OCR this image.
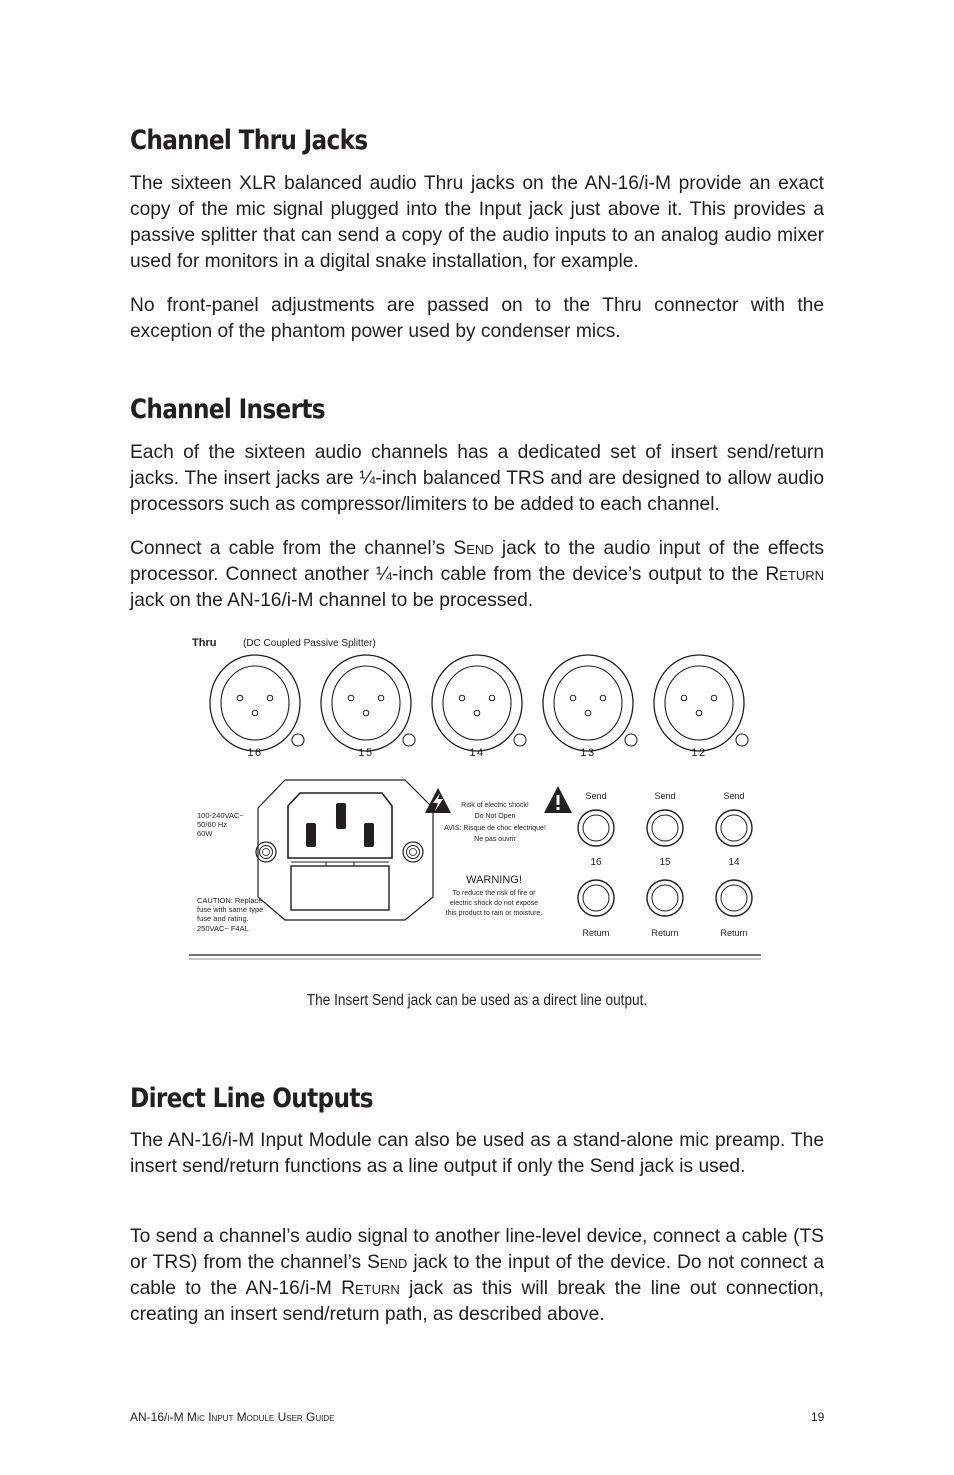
Channel Thru Jacks

The sixteen XLR balanced audio Thru jacks on the AN-16/i-M provide an exact copy of the mic signal plugged into the Input jack just above it. This provides a passive splitter that can send a copy of the audio inputs to an analog audio mixer used for monitors in a digital snake installation, for example.

No front-panel adjustments are passed on to the Thru connector with the exception of the phantom power used by condenser mics.

Channel Inserts

Each of the sixteen audio channels has a dedicated set of insert send/return jacks. The insert jacks are ¼-inch balanced TRS and are designed to allow audio processors such as compressor/limiters to be added to each channel.

Connect a cable from the channel’s Send jack to the audio input of the effects processor. Connect another ¼-inch cable from the device’s output to the Return jack on the AN-16/i-M channel to be processed.

Thru	(DC Coupled Passive Splitter)
16	15	14	13	12
100-240VAC~
50/60 Hz
60W
CAUTION: Replace
fuse with same type
fuse and rating.
250VAC~ F4AL
Risk of electric shock!
Do Not Open
AVIS: Risque de choc electrique!
Ne pas ouvrir
WARNING!
To reduce the risk of fire or
electric shock do not expose
this product to rain or moisture.
Send
16
Return
Send
15
Return
Send
14
Return

The Insert Send jack can be used as a direct line output.

Direct Line Outputs

The AN-16/i-M Input Module can also be used as a stand-alone mic preamp. The insert send/return functions as a line output if only the Send jack is used.

To send a channel’s audio signal to another line-level device, connect a cable (TS or TRS) from the channel’s Send jack to the input of the device. Do not connect a cable to the AN-16/i-M Return jack as this will break the line out connection, creating an insert send/return path, as described above.

AN-16/i-M Mic Input Module User Guide	19
